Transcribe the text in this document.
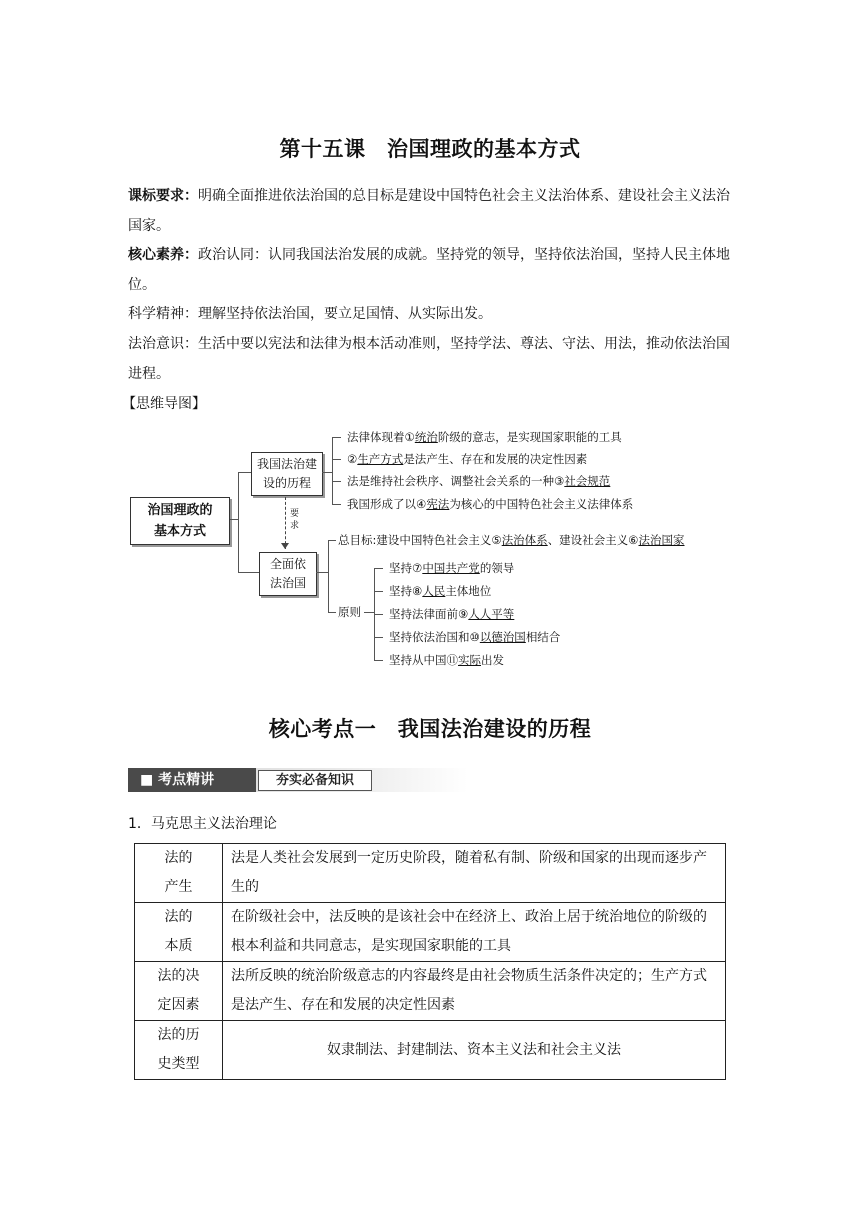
第十五课　治国理政的基本方式
课标要求：明确全面推进依法治国的总目标是建设中国特色社会主义法治体系、建设社会主义法治国家。
核心素养：政治认同：认同我国法治发展的成就。坚持党的领导，坚持依法治国，坚持人民主体地位。
科学精神：理解坚持依法治国，要立足国情、从实际出发。
法治意识：生活中要以宪法和法律为根本活动准则，坚持学法、尊法、守法、用法，推动依法治国进程。
【思维导图】
治国理政的
基本方式
我国法治建
设的历程
全面依
法治国
要
求
法律体现着①统治阶级的意志，是实现国家职能的工具
②生产方式是法产生、存在和发展的决定性因素
法是维持社会秩序、调整社会关系的一种③社会规范
我国形成了以④宪法为核心的中国特色社会主义法律体系
总目标:建设中国特色社会主义⑤法治体系、建设社会主义⑥法治国家
原则
坚持⑦中国共产党的领导
坚持⑧人民主体地位
坚持法律面前⑨人人平等
坚持依法治国和⑩以德治国相结合
坚持从中国⑪实际出发
核心考点一　我国法治建设的历程
■ 考点精讲	夯实必备知识
1．马克思主义法治理论
法的
产生	法是人类社会发展到一定历史阶段，随着私有制、阶级和国家的出现而逐步产生的

法的
本质	在阶级社会中，法反映的是该社会中在经济上、政治上居于统治地位的阶级的根本利益和共同意志，是实现国家职能的工具

法的决
定因素	法所反映的统治阶级意志的内容最终是由社会物质生活条件决定的；生产方式是法产生、存在和发展的决定性因素

法的历
史类型	奴隶制法、封建制法、资本主义法和社会主义法
